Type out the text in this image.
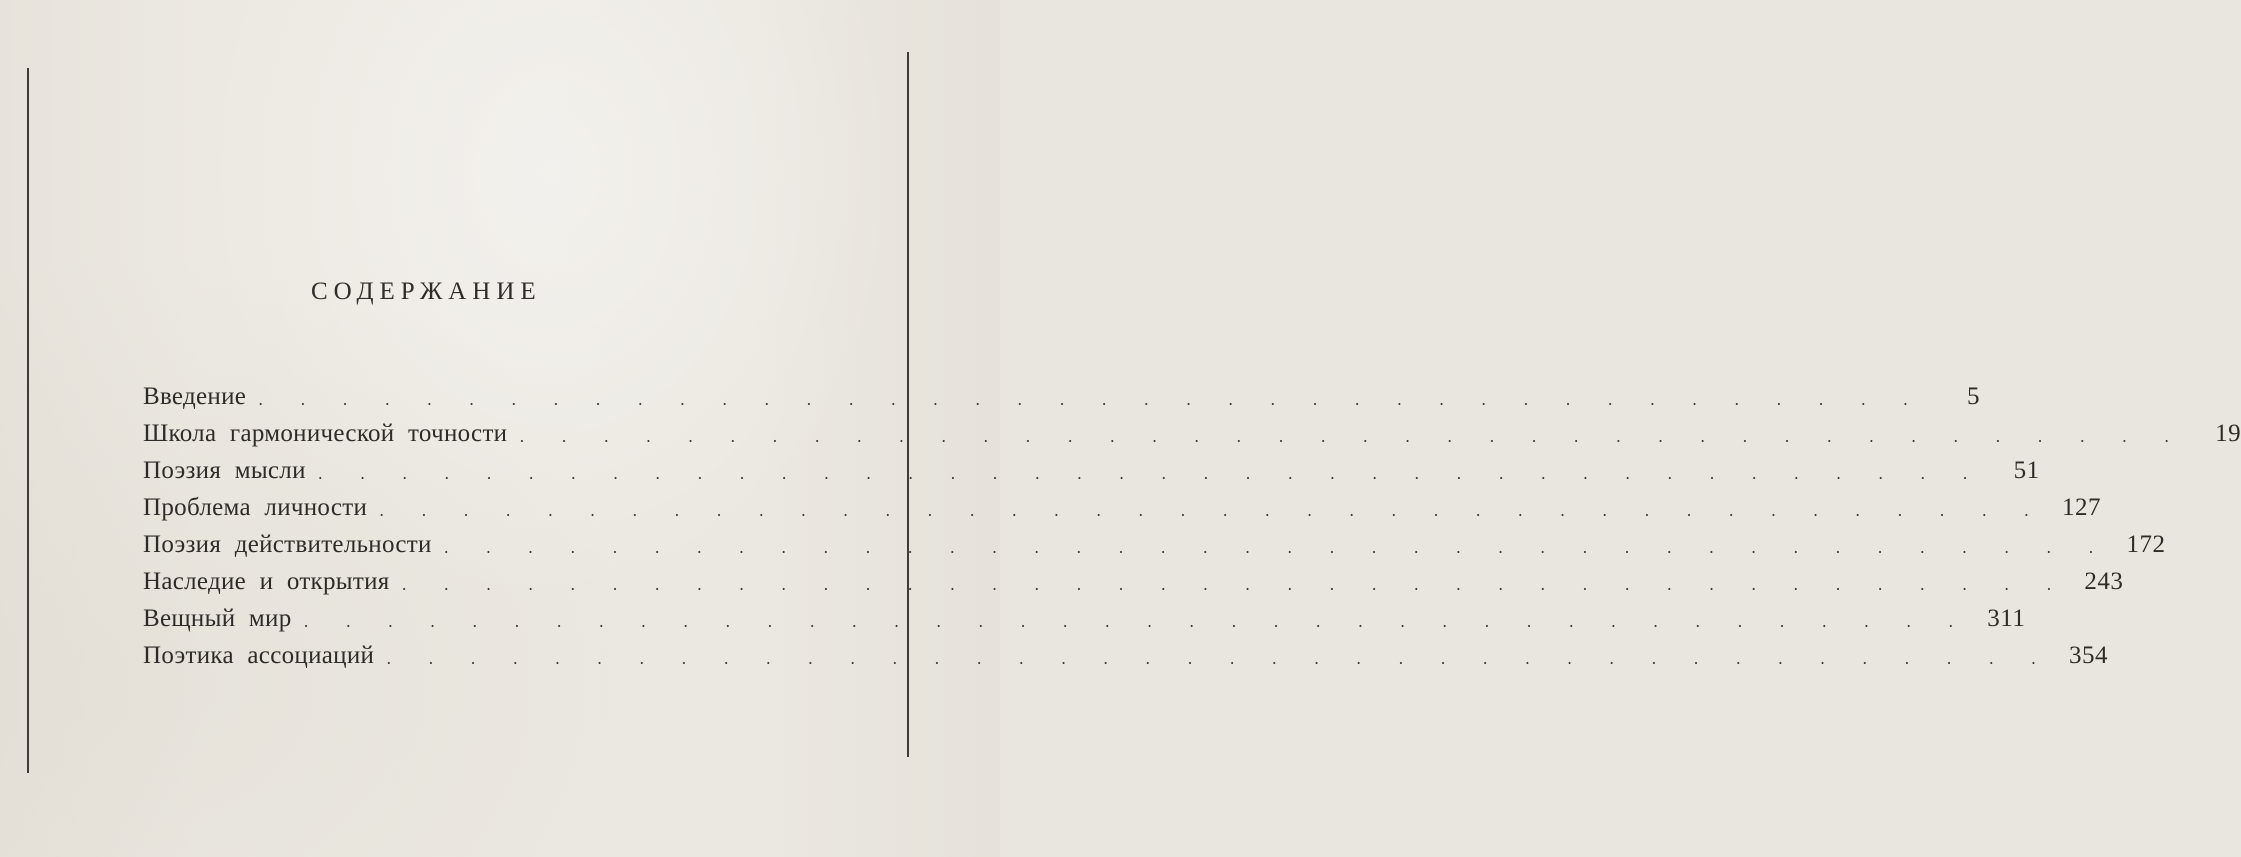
СОДЕРЖАНИЕ
Введение . . . . . . . . . . . . . . . . . . . . . . . . . . . . . . . . . . . . . . . .	5
Школа гармонической точности . . . . . . . . . . . . . . . . . . . . . . . . . . . . . . . . . . . . . . . .	19
Поэзия мысли . . . . . . . . . . . . . . . . . . . . . . . . . . . . . . . . . . . . . . . .	51
Проблема личности . . . . . . . . . . . . . . . . . . . . . . . . . . . . . . . . . . . . . . . . 127
Поэзия действительности . . . . . . . . . . . . . . . . . . . . . . . . . . . . . . . . . . . . . . . . 172
Наследие и открытия . . . . . . . . . . . . . . . . . . . . . . . . . . . . . . . . . . . . . . . . 243
Вещный мир . . . . . . . . . . . . . . . . . . . . . . . . . . . . . . . . . . . . . . . . 311
Поэтика ассоциаций . . . . . . . . . . . . . . . . . . . . . . . . . . . . . . . . . . . . . . . . 354
